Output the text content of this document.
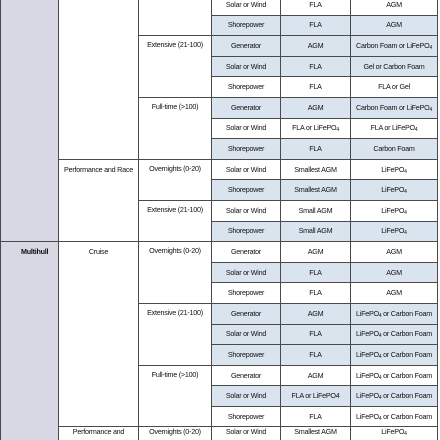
			Solar or Wind	FLA	AGM
			Shorepower	FLA	AGM
		Extensive (21-100)	Generator	AGM	Carbon Foam or LiFePO$_4$
			Solar or Wind	FLA	Gel or Carbon Foam
			Shorepower	FLA	FLA or Gel
		Full-time (>100)	Generator	AGM	Carbon Foam or LiFePO$_4$
			Solar or Wind	FLA or LiFePO$_4$	FLA or LiFePO$_4$
			Shorepower	FLA	Carbon Foam
	Performance and Race	Overnights (0-20)	Solar or Wind	Smallest AGM	LiFePO$_4$
			Shorepower	Smallest AGM	LiFePO$_4$
		Extensive (21-100)	Solar or Wind	Small AGM	LiFePO$_4$
			Shorepower	Small AGM	LiFePO$_4$
Multihull	Cruise	Overnights (0-20)	Generator	AGM	AGM
			Solar or Wind	FLA	AGM
			Shorepower	FLA	AGM
		Extensive (21-100)	Generator	AGM	LiFePO$_4$ or Carbon Foam
			Solar or Wind	FLA	LiFePO$_4$ or Carbon Foam
			Shorepower	FLA	LiFePO$_4$ or Carbon Foam
		Full-time (>100)	Generator	AGM	LiFePO$_4$ or Carbon Foam
			Solar or Wind	FLA or LiFePO4	LiFePO$_4$ or Carbon Foam
			Shorepower	FLA	LiFePO$_4$ or Carbon Foam
	Performance and	Overnights (0-20)	Solar or Wind	Smallest AGM	LiFePO$_4$
